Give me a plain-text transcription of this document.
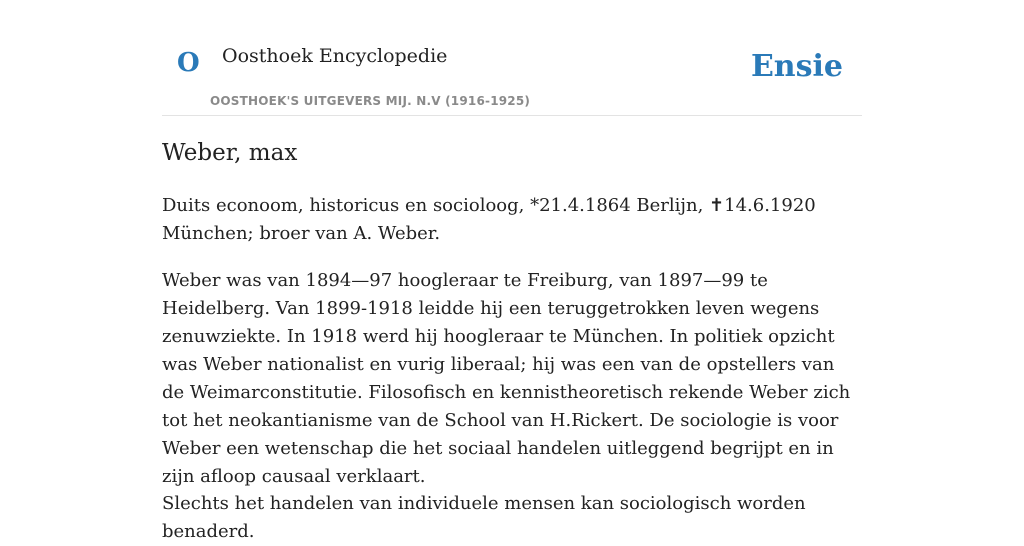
O Oosthoek Encyclopedie
OOSTHOEK'S UITGEVERS MIJ. N.V (1916-1925)
Ensie
Weber, max

Duits econoom, historicus en socioloog, *21.4.1864 Berlijn, ✝14.6.1920 München; broer van A. Weber.

Weber was van 1894—97 hoogleraar te Freiburg, van 1897—99 te Heidelberg. Van 1899-1918 leidde hij een teruggetrokken leven wegens zenuwziekte. In 1918 werd hij hoogleraar te München. In politiek opzicht was Weber nationalist en vurig liberaal; hij was een van de opstellers van de Weimarconstitutie. Filosofisch en kennistheoretisch rekende Weber zich tot het neokantianisme van de School van H.Rickert. De sociologie is voor Weber een wetenschap die het sociaal handelen uitleggend begrijpt en in zijn afloop causaal verklaart.

Slechts het handelen van individuele mensen kan sociologisch worden benaderd.
